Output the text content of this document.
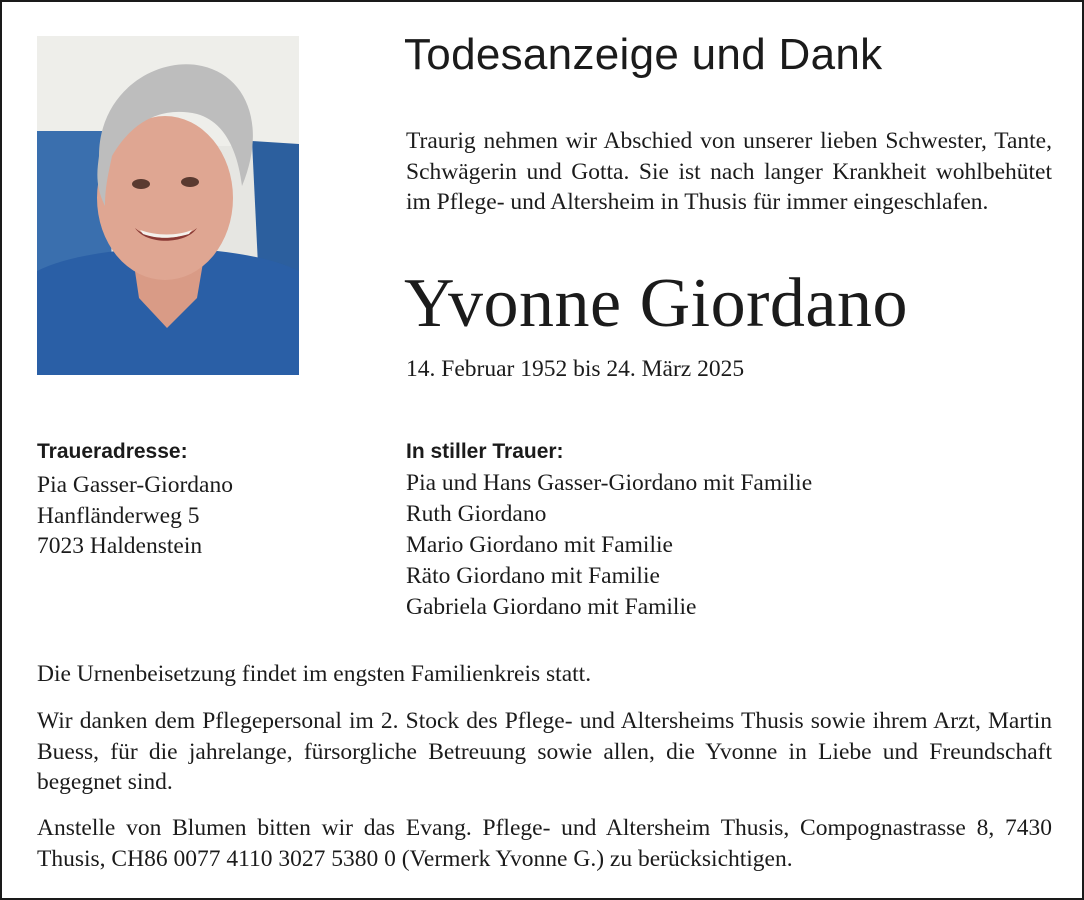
Todesanzeige und Dank
Traurig nehmen wir Abschied von unserer lieben Schwester, Tante, Schwägerin und Gotta. Sie ist nach langer Krankheit wohlbehütet im Pflege- und Altersheim in Thusis für immer eingeschlafen.
Yvonne Giordano
14. Februar 1952 bis 24. März 2025
Traueradresse:
Pia Gasser-Giordano
Hanfländerweg 5
7023 Haldenstein
In stiller Trauer:
Pia und Hans Gasser-Giordano mit Familie
Ruth Giordano
Mario Giordano mit Familie
Räto Giordano mit Familie
Gabriela Giordano mit Familie
Die Urnenbeisetzung findet im engsten Familienkreis statt.
Wir danken dem Pflegepersonal im 2. Stock des Pflege- und Altersheims Thusis sowie ihrem Arzt, Martin Buess, für die jahrelange, fürsorgliche Betreuung sowie allen, die Yvonne in Liebe und Freundschaft begegnet sind.
Anstelle von Blumen bitten wir das Evang. Pflege- und Altersheim Thusis, Compognastrasse 8, 7430 Thusis, CH86 0077 4110 3027 5380 0 (Vermerk Yvonne G.) zu berücksichtigen.
